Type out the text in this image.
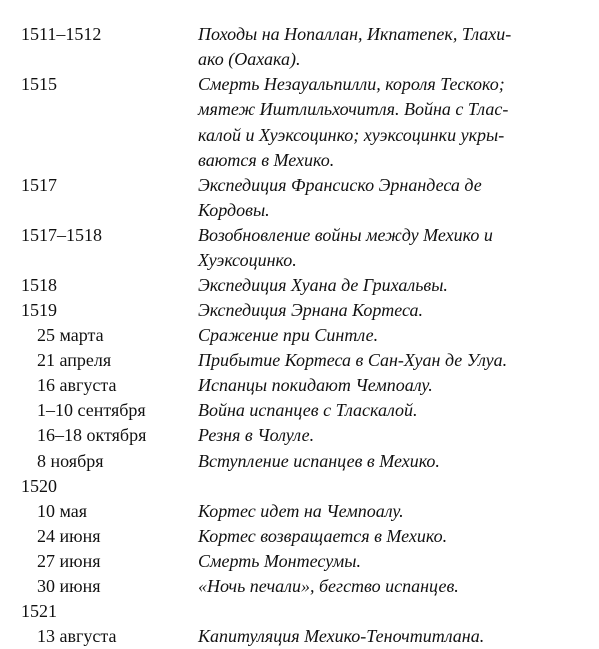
1511–1512	Походы на Нопаллан, Икпатепек, Тлахи-
ако (Оахака).
1515	Смерть Незауальпилли, короля Тескоко;
мятеж Иштлильхочитля. Война с Тлас-
калой и Хуэксоцинко; хуэксоцинки укры-
ваются в Мехико.
1517	Экспедиция Франсиско Эрнандеса де
Кордовы.
1517–1518	Возобновление войны между Мехико и
Хуэксоцинко.
1518	Экспедиция Хуана де Грихальвы.
1519	Экспедиция Эрнана Кортеса.
25 марта	Сражение при Синтле.
21 апреля	Прибытие Кортеса в Сан-Хуан де Улуа.
16 августа	Испанцы покидают Чемпоалу.
1–10 сентября	Война испанцев с Тласкалой.
16–18 октября	Резня в Чолуле.
8 ноября	Вступление испанцев в Мехико.
1520
10 мая	Кортес идет на Чемпоалу.
24 июня	Кортес возвращается в Мехико.
27 июня	Смерть Монтесумы.
30 июня	«Ночь печали», бегство испанцев.
1521
13 августа	Капитуляция Мехико-Теночтитлана.
